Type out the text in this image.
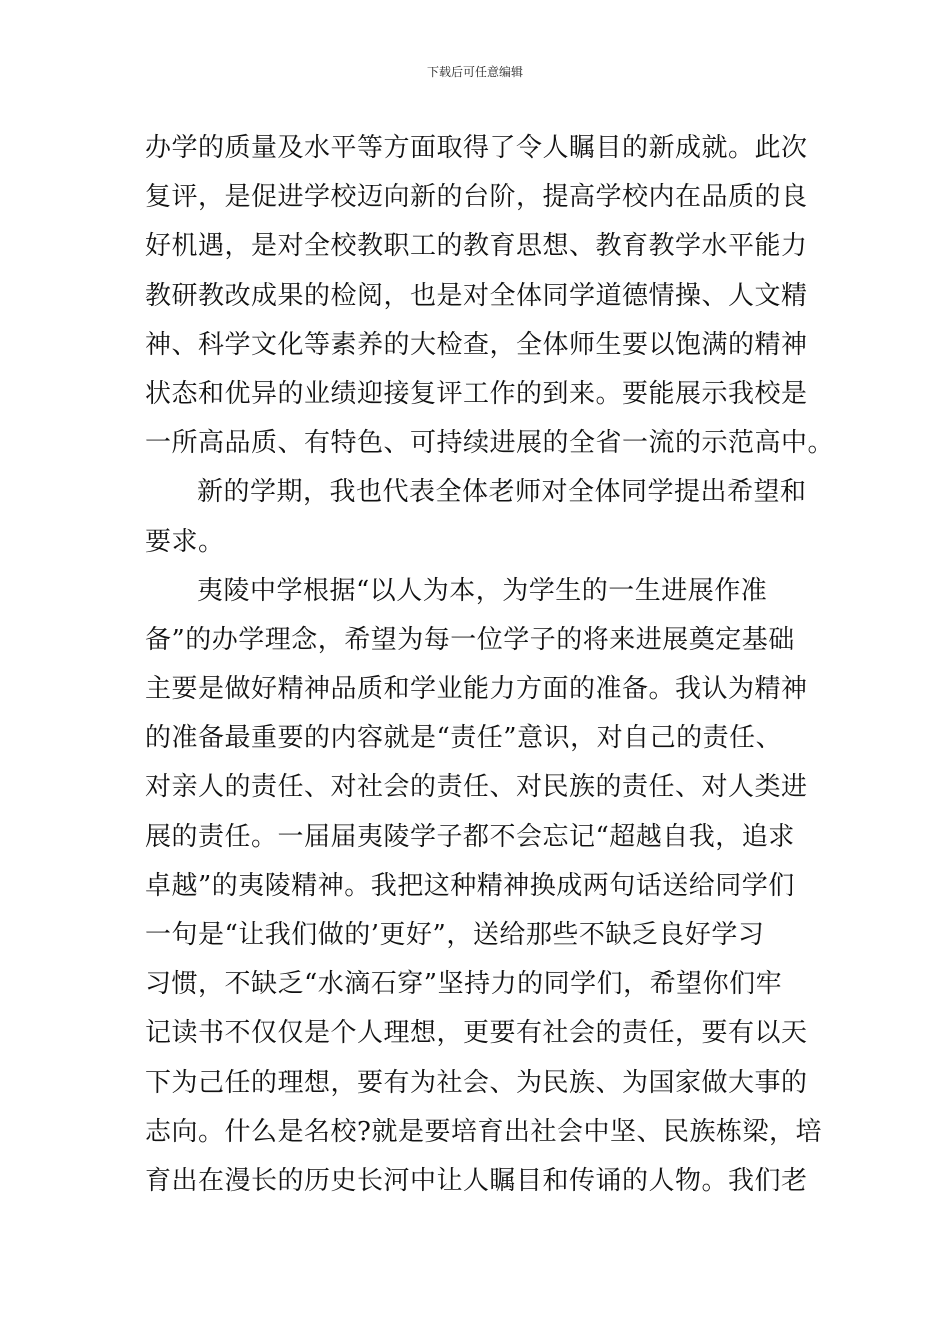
下载后可任意编辑
办学的质量及水平等方面取得了令人瞩目的新成就。此次
复评，是促进学校迈向新的台阶，提高学校内在品质的良
好机遇，是对全校教职工的教育思想、教育教学水平能力
教研教改成果的检阅，也是对全体同学道德情操、人文精
神、科学文化等素养的大检查，全体师生要以饱满的精神
状态和优异的业绩迎接复评工作的到来。要能展示我校是
一所高品质、有特色、可持续进展的全省一流的示范高中。
新的学期，我也代表全体老师对全体同学提出希望和
要求。
夷陵中学根据“以人为本，为学生的一生进展作准
备”的办学理念，希望为每一位学子的将来进展奠定基础
主要是做好精神品质和学业能力方面的准备。我认为精神
的准备最重要的内容就是“责任”意识，对自己的责任、
对亲人的责任、对社会的责任、对民族的责任、对人类进
展的责任。一届届夷陵学子都不会忘记“超越自我，追求
卓越”的夷陵精神。我把这种精神换成两句话送给同学们
一句是“让我们做的’更好”，送给那些不缺乏良好学习
习惯，不缺乏“水滴石穿”坚持力的同学们，希望你们牢
记读书不仅仅是个人理想，更要有社会的责任，要有以天
下为己任的理想，要有为社会、为民族、为国家做大事的
志向。什么是名校?就是要培育出社会中坚、民族栋梁，培
育出在漫长的历史长河中让人瞩目和传诵的人物。我们老
